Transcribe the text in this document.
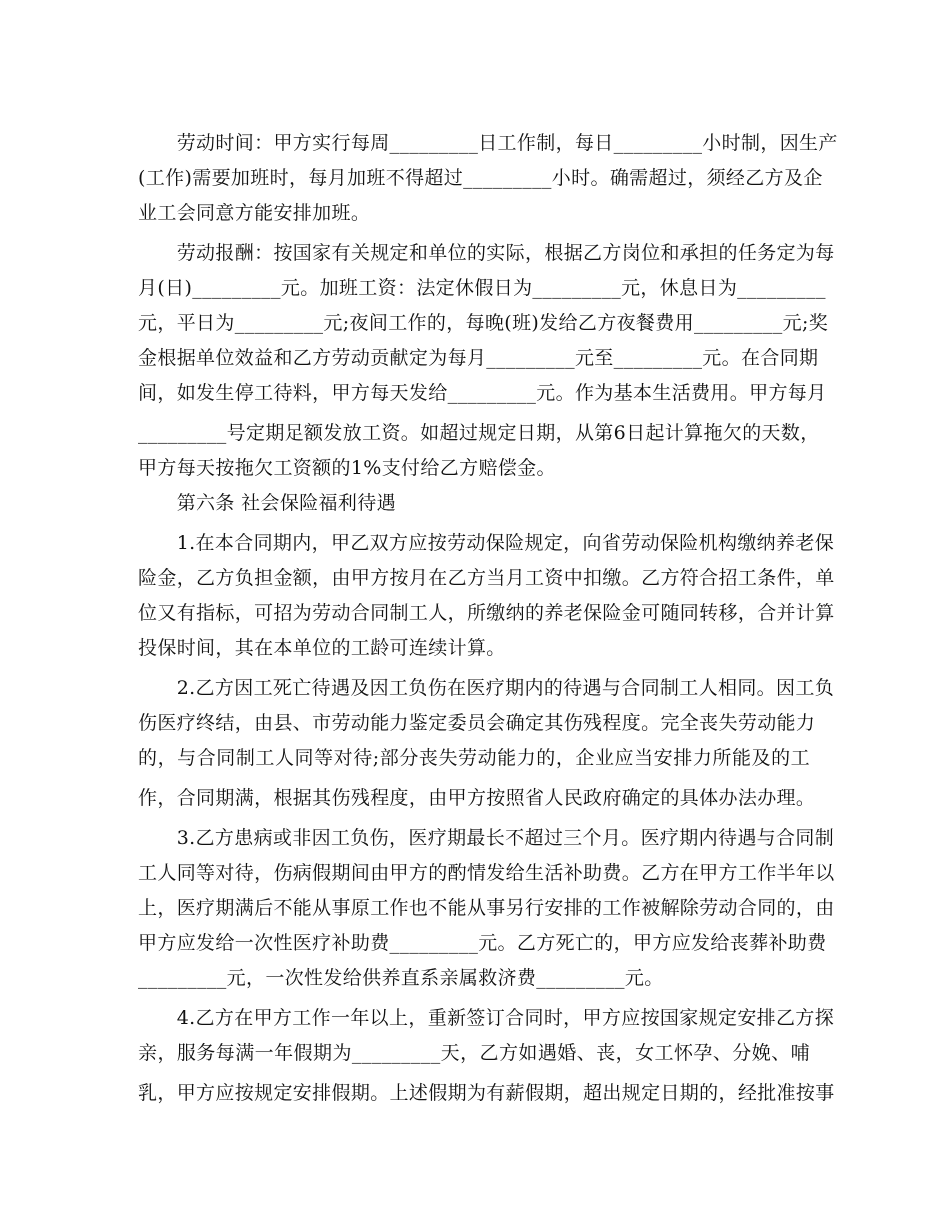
　　劳动时间：甲方实行每周_________日工作制，每日_________小时制，因生产
(工作)需要加班时，每月加班不得超过_________小时。确需超过，须经乙方及企
业工会同意方能安排加班。
　　劳动报酬：按国家有关规定和单位的实际，根据乙方岗位和承担的任务定为每
月(日)_________元。加班工资：法定休假日为_________元，休息日为_________
元，平日为_________元;夜间工作的，每晚(班)发给乙方夜餐费用_________元;奖
金根据单位效益和乙方劳动贡献定为每月_________元至_________元。在合同期
间，如发生停工待料，甲方每天发给_________元。作为基本生活费用。甲方每月
_________号定期足额发放工资。如超过规定日期，从第6日起计算拖欠的天数，
甲方每天按拖欠工资额的1%支付给乙方赔偿金。
　　第六条 社会保险福利待遇
　　1.在本合同期内，甲乙双方应按劳动保险规定，向省劳动保险机构缴纳养老保
险金，乙方负担金额，由甲方按月在乙方当月工资中扣缴。乙方符合招工条件，单
位又有指标，可招为劳动合同制工人，所缴纳的养老保险金可随同转移，合并计算
投保时间，其在本单位的工龄可连续计算。
　　2.乙方因工死亡待遇及因工负伤在医疗期内的待遇与合同制工人相同。因工负
伤医疗终结，由县、市劳动能力鉴定委员会确定其伤残程度。完全丧失劳动能力
的，与合同制工人同等对待;部分丧失劳动能力的，企业应当安排力所能及的工
作，合同期满，根据其伤残程度，由甲方按照省人民政府确定的具体办法办理。
　　3.乙方患病或非因工负伤，医疗期最长不超过三个月。医疗期内待遇与合同制
工人同等对待，伤病假期间由甲方的酌情发给生活补助费。乙方在甲方工作半年以
上，医疗期满后不能从事原工作也不能从事另行安排的工作被解除劳动合同的，由
甲方应发给一次性医疗补助费_________元。乙方死亡的，甲方应发给丧葬补助费
_________元，一次性发给供养直系亲属救济费_________元。
　　4.乙方在甲方工作一年以上，重新签订合同时，甲方应按国家规定安排乙方探
亲，服务每满一年假期为_________天，乙方如遇婚、丧，女工怀孕、分娩、哺
乳，甲方应按规定安排假期。上述假期为有薪假期，超出规定日期的，经批准按事
